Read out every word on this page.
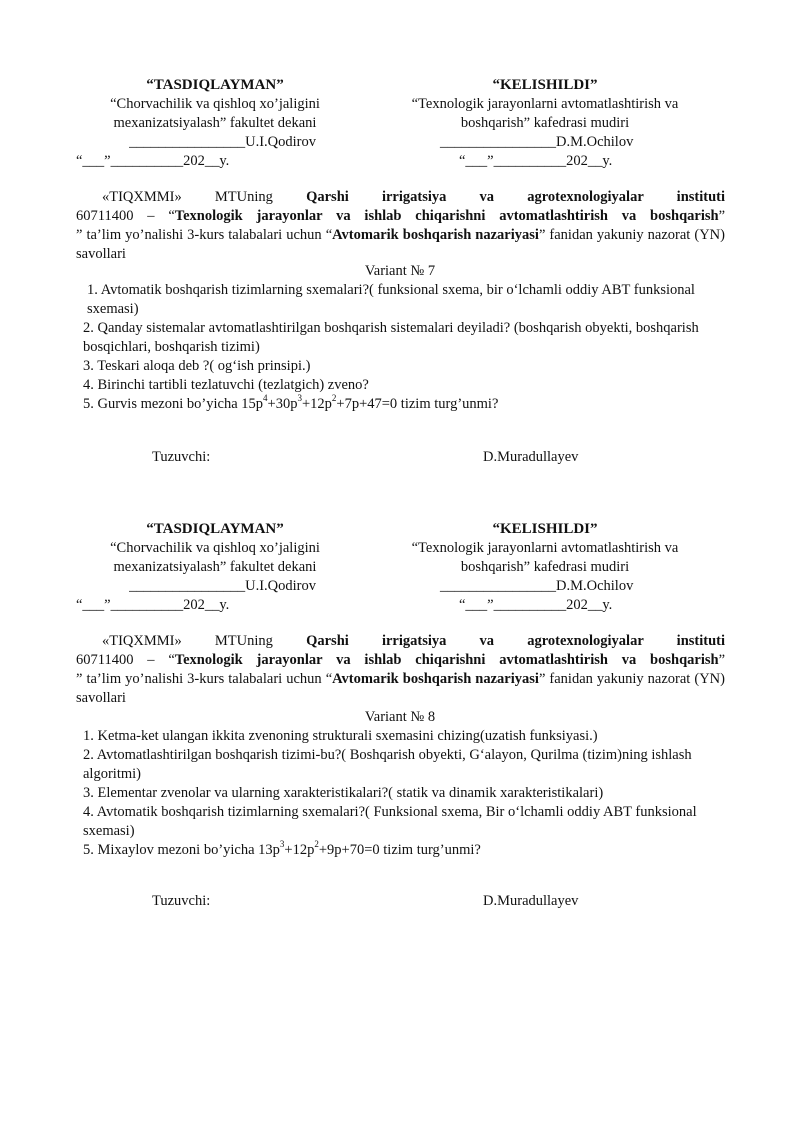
“TASDIQLAYMAN”
“Chorvachilik va qishloq xo’jaligini
mexanizatsiyalash” fakultet dekani
________________U.I.Qodirov
“___”__________202__y.
“KELISHILDI”
“Texnologik jarayonlarni avtomatlashtirish va
boshqarish” kafedrasi mudiri
________________D.M.Ochilov
“___”__________202__y.
«TIQXMMI» MTUning Qarshi irrigatsiya va agrotexnologiyalar instituti
60711400 – “Texnologik jarayonlar va ishlab chiqarishni avtomatlashtirish va boshqarish”
” ta’lim yo’nalishi 3-kurs talabalari uchun “Avtomarik boshqarish nazariyasi” fanidan yakuniy nazorat (YN) savollari
Variant № 7
1. Avtomatik boshqarish tizimlarning sxemalari?( funksional sxema, bir o‘lchamli oddiy ABT funksional sxemasi)
2. Qanday sistemalar avtomatlashtirilgan boshqarish sistemalari deyiladi? (boshqarish obyekti, boshqarish bosqichlari, boshqarish tizimi)
3. Teskari aloqa deb ?( og‘ish prinsipi.)
4. Birinchi tartibli tezlatuvchi (tezlatgich) zveno?
5. Gurvis mezoni bo’yicha $15p^4+30p^3+12p^2+7p+47=0$ tizim turg’unmi?
Tuzuvchi:	D.Muradullayev
“TASDIQLAYMAN”
“Chorvachilik va qishloq xo’jaligini
mexanizatsiyalash” fakultet dekani
________________U.I.Qodirov
“___”__________202__y.
“KELISHILDI”
“Texnologik jarayonlarni avtomatlashtirish va
boshqarish” kafedrasi mudiri
________________D.M.Ochilov
“___”__________202__y.
«TIQXMMI» MTUning Qarshi irrigatsiya va agrotexnologiyalar instituti
60711400 – “Texnologik jarayonlar va ishlab chiqarishni avtomatlashtirish va boshqarish”
” ta’lim yo’nalishi 3-kurs talabalari uchun “Avtomarik boshqarish nazariyasi” fanidan yakuniy nazorat (YN) savollari
Variant № 8
1. Ketma-ket ulangan ikkita zvenoning strukturali sxemasini chizing(uzatish funksiyasi.)
2. Avtomatlashtirilgan boshqarish tizimi-bu?( Boshqarish obyekti, G‘alayon, Qurilma (tizim)ning ishlash algoritmi)
3. Elementar zvenolar va ularning xarakteristikalari?( statik va dinamik xarakteristikalari)
4. Avtomatik boshqarish tizimlarning sxemalari?( Funksional sxema, Bir o‘lchamli oddiy ABT funksional sxemasi)
5. Mixaylov mezoni bo’yicha $13p^3+12p^2+9p+70=0$ tizim turg’unmi?
Tuzuvchi:	D.Muradullayev
